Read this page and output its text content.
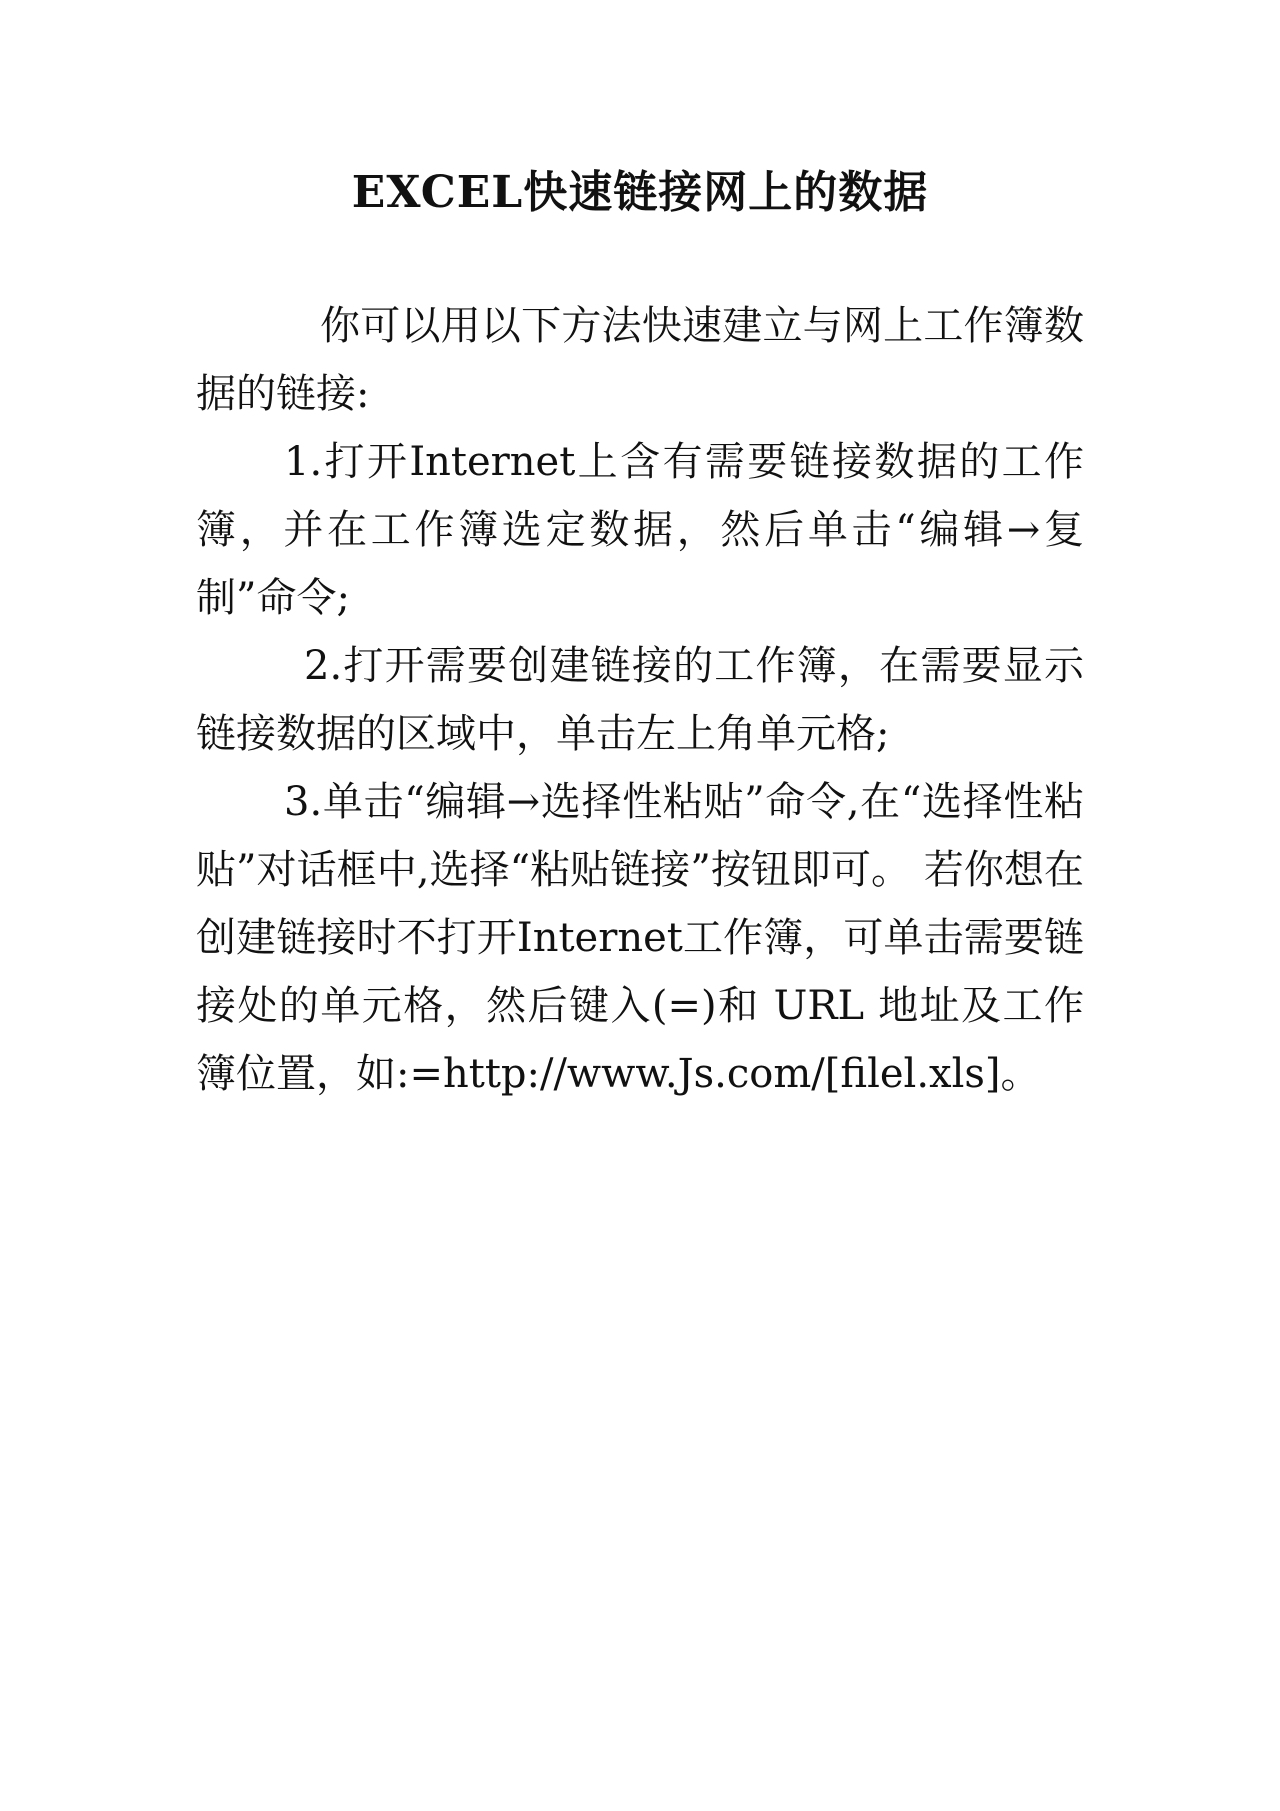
EXCEL快速链接网上的数据

你可以用以下方法快速建立与网上工作簿数据的链接:

1.打开Internet上含有需要链接数据的工作簿，并在工作簿选定数据，然后单击“编辑→复制”命令;

2.打开需要创建链接的工作簿，在需要显示链接数据的区域中，单击左上角单元格;

3.单击“编辑→选择性粘贴”命令,在“选择性粘贴”对话框中,选择“粘贴链接”按钮即可。 若你想在创建链接时不打开Internet工作簿，可单击需要链接处的单元格，然后键入(=)和 URL 地址及工作簿位置，如:=http://www.Js.com/[filel.xls]。
